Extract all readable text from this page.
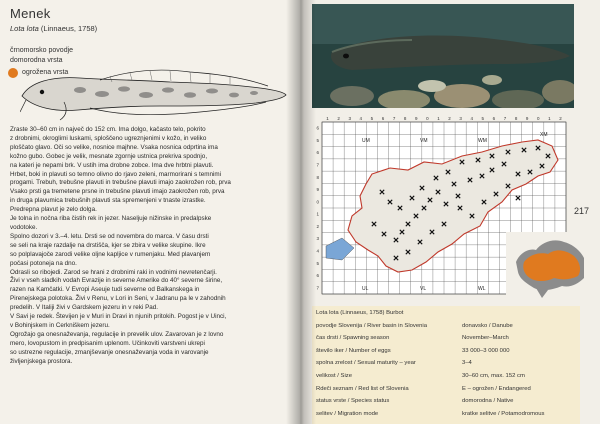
Menek
Lota lota (Linnaeus, 1758)
črnomorsko povodje
domorodna vrsta
ogrožena vrsta

Zraste 30–60 cm in največ do 152 cm. Ima dolgo, kačasto telo, pokrito

z drobnimi, okroglimi luskami, sploščeno ugreznjenimi v kožo, in veliko

ploščato glavo. Oči so velike, nosnice majhne. Vsaka nosnica odprtina ima

kožno gubo. Gobec je velik, mesnate zgornje ustnica prekriva spodnjo,

na kateri je nepami brk. V ustih ima drobne zobce. Ima dve hrbtni plavuti.

Hrbet, boki in plavuti so temno olivno do rjavo zeleni, marmorirani s temnimi

progami. Trebuh, trebušne plavuti in trebušne plavuti imajo zaokrožen rob, prva

Vsako prsti ga tremetene prsne in trebušne plavuti imajo zaokrožen rob, prva

in druga plavumica trebušnih plavuti sta spremenjeni v tnaste izrastke.

Predrepna plavut je zelo dolga.

Je tolna in nočna riba čistih rek in jezer. Naseljuje nižinske in predalpske

vodotoke.

Spolno dozori v 3.–4. letu. Drsti se od novembra do marca. V času drsti

se seli na kraje razdalje na drstišča, kjer se zbira v velike skupine. Ikre

so polplavajoče zarodi velike oljne kapljice v rumenjaku. Med plavanjem

počasi potoneja na dno.

Odrasli so ribojedi. Zarod se hrani z drobnimi raki in vodnimi nevretenčarji.

Živi v vseh sladkih vodah Evrazije in severne Amerike do 40° severne širine,

razen na Kamčatki. V Evropi Aseuje tudi severne od Balkanskega in

Pirenejskega polotoka. Živi v Renu, v Lori in Seni, v Jadranu pa le v zahodnih

predelih. V Italiji živi v Gardskem jezeru in v reki Pad.

V Savi je redek. Števijen je v Muri in Dravi in njunih pritokih. Pogost je v Uinci,

v Bohinjskem in Cerkniškem jezeru.

Ogrožajo ga onesnaževanja, regulacije in prevelik ulov. Zavarovan je z lovno

mero, lovopustom in predpisanim uplenom. Učinkoviti varstveni ukrepi

so ustrezne regulacije, zmanjševanje onesnaževanja voda in varovanje

življenjskega prostora.

1 2 3 4 5 6 7 8 9 0 1 2 3 4 5 6 7 8 9 0 1 2
6
5
6
7
8
9
0
1
2
3
4
5
6
7
UM	VM	WM
XM
UL	VL	WL
217
Lota lota (Linnaeus, 1758) Burbot
povodje Slovenija / River basin in Slovenia	donavsko / Danube
čas drsti / Spawning season	November–March
število iker / Number of eggs	33 000–3 000 000
spolna zrelost / Sexual maturity – year	3–4
velikost / Size	30–60 cm, max. 152 cm
Rdeči seznam / Red list of Slovenia	E – ogrožen / Endangered
status vrste / Species status	domorodna / Native
selitev / Migration mode	kratke selitve / Potamodromous
